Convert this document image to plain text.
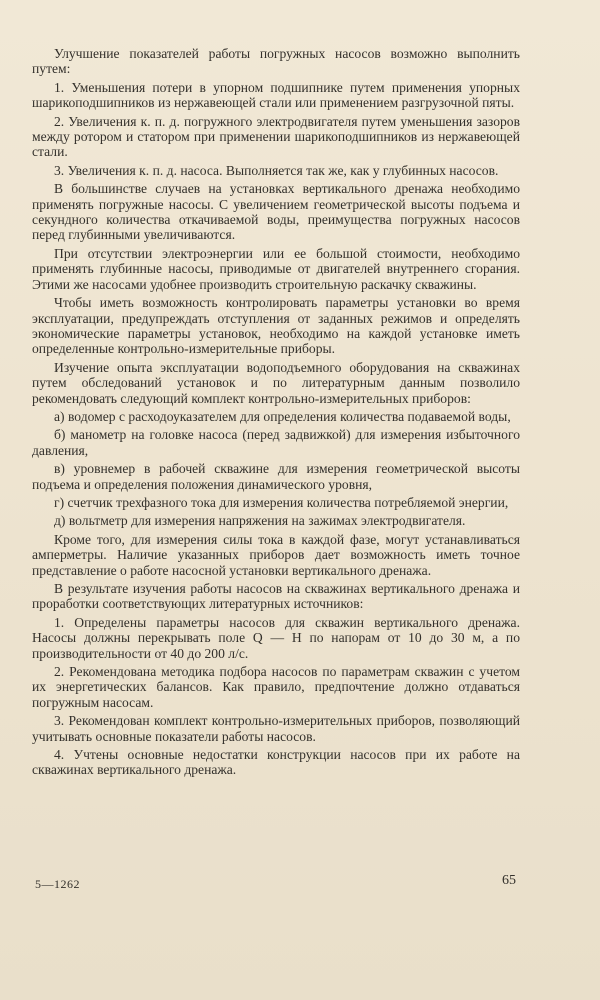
Улучшение показателей работы погружных насосов возможно выполнить путем:

1. Уменьшения потери в упорном подшипнике путем применения упорных шарикоподшипников из нержавеющей стали или применением разгрузочной пяты.

2. Увеличения к. п. д. погружного электродвигателя путем уменьшения зазоров между ротором и статором при применении шарикоподшипников из нержавеющей стали.

3. Увеличения к. п. д. насоса. Выполняется так же, как у глубинных насосов.

В большинстве случаев на установках вертикального дренажа необходимо применять погружные насосы. С увеличением геометрической высоты подъема и секундного количества откачиваемой воды, преимущества погружных насосов перед глубинными увеличиваются.

При отсутствии электроэнергии или ее большой стоимости, необходимо применять глубинные насосы, приводимые от двигателей внутреннего сгорания. Этими же насосами удобнее производить строительную раскачку скважины.

Чтобы иметь возможность контролировать параметры установки во время эксплуатации, предупреждать отступления от заданных режимов и определять экономические параметры установок, необходимо на каждой установке иметь определенные контрольно-измерительные приборы.

Изучение опыта эксплуатации водоподъемного оборудования на скважинах путем обследований установок и по литературным данным позволило рекомендовать следующий комплект контрольно-измерительных приборов:

а) водомер с расходоуказателем для определения количества подаваемой воды,

б) манометр на головке насоса (перед задвижкой) для измерения избыточного давления,

в) уровнемер в рабочей скважине для измерения геометрической высоты подъема и определения положения динамического уровня,

г) счетчик трехфазного тока для измерения количества потребляемой энергии,

д) вольтметр для измерения напряжения на зажимах электродвигателя.

Кроме того, для измерения силы тока в каждой фазе, могут устанавливаться амперметры. Наличие указанных приборов дает возможность иметь точное представление о работе насосной установки вертикального дренажа.

В результате изучения работы насосов на скважинах вертикального дренажа и проработки соответствующих литературных источников:

1. Определены параметры насосов для скважин вертикального дренажа. Насосы должны перекрывать поле Q — H по напорам от 10 до 30 м, а по производительности от 40 до 200 л/с.

2. Рекомендована методика подбора насосов по параметрам скважин с учетом их энергетических балансов. Как правило, предпочтение должно отдаваться погружным насосам.

3. Рекомендован комплект контрольно-измерительных приборов, позволяющий учитывать основные показатели работы насосов.

4. Учтены основные недостатки конструкции насосов при их работе на скважинах вертикального дренажа.

5—1262	65
